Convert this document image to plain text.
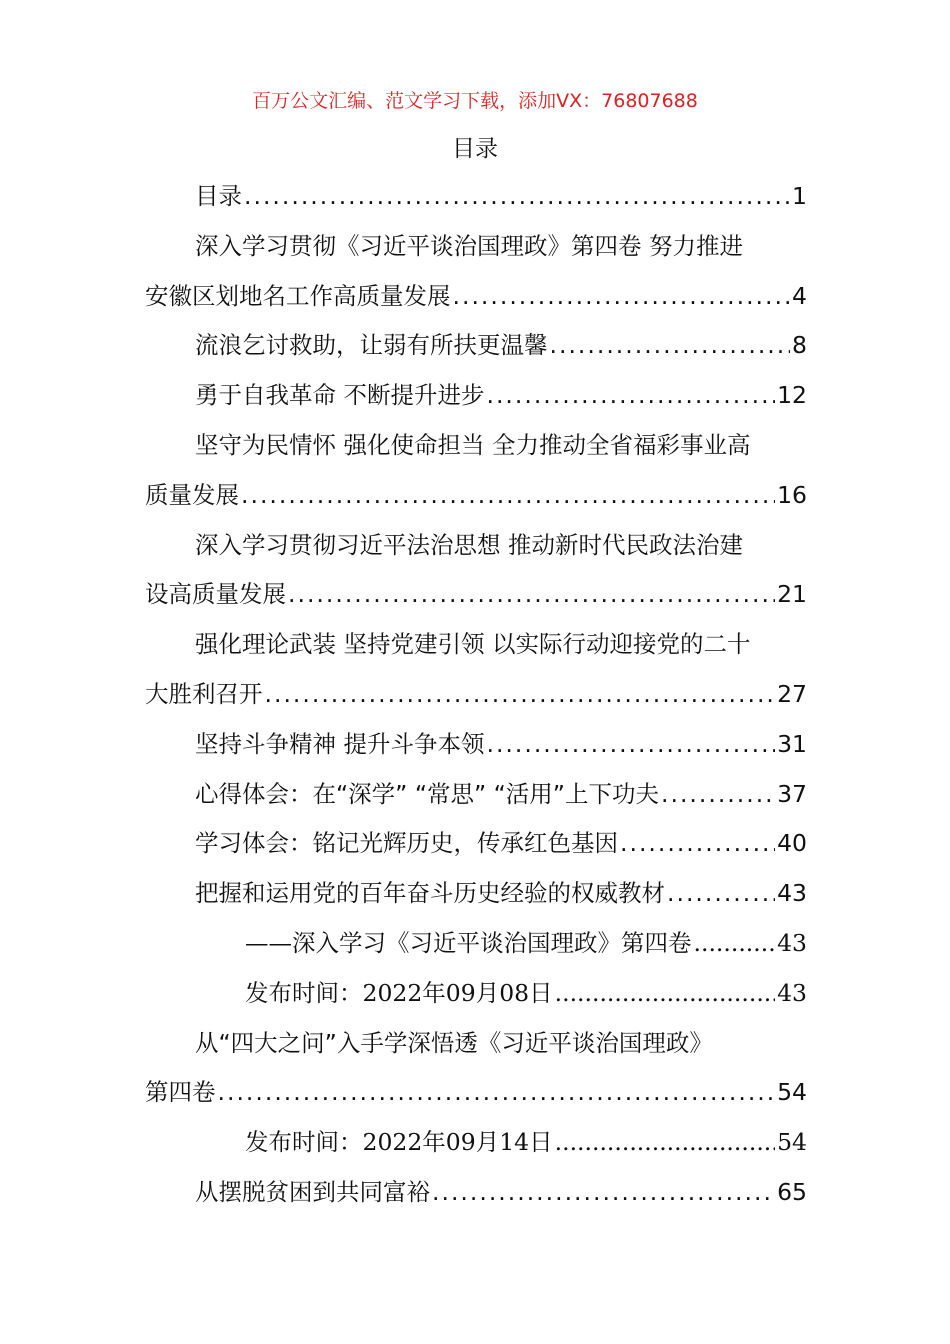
百万公文汇编、范文学习下载，添加VX：76807688
目录
目录 .....	1
深入学习贯彻《习近平谈治国理政》第四卷 努力推进
安徽区划地名工作高质量发展 .....	4
流浪乞讨救助，让弱有所扶更温馨 .....	8
勇于自我革命 不断提升进步 .....	12
坚守为民情怀 强化使命担当 全力推动全省福彩事业高
质量发展 .....	16
深入学习贯彻习近平法治思想 推动新时代民政法治建
设高质量发展 .....	21
强化理论武装 坚持党建引领 以实际行动迎接党的二十
大胜利召开 .....	27
坚持斗争精神 提升斗争本领 .....	31
心得体会：在“深学” “常思” “活用”上下功夫 .....	37
学习体会：铭记光辉历史，传承红色基因 .....	40
把握和运用党的百年奋斗历史经验的权威教材 .....	43
——深入学习《习近平谈治国理政》第四卷 .....	43
发布时间：2022年09月08日 .....	43
从“四大之问”入手学深悟透《习近平谈治国理政》
第四卷 .....	54
发布时间：2022年09月14日 .....	54
从摆脱贫困到共同富裕 .....	65
